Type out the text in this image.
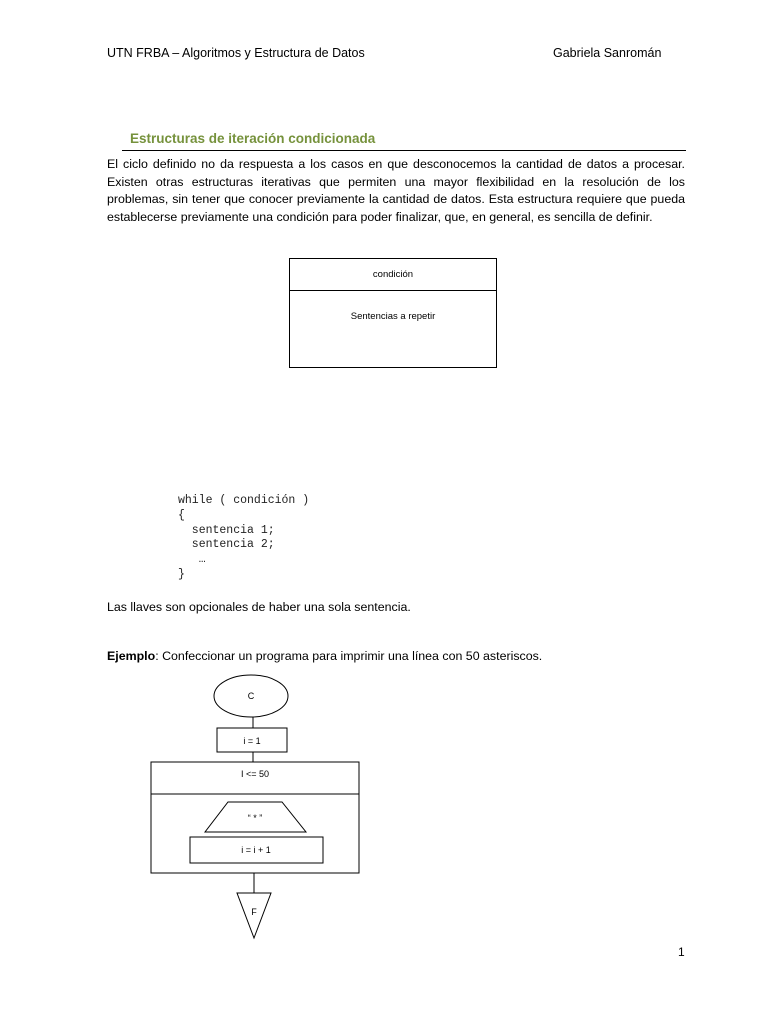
UTN FRBA – Algoritmos y Estructura de Datos	Gabriela Sanromán
Estructuras de iteración condicionada
El ciclo definido no da respuesta a los casos en que desconocemos la cantidad de datos a procesar. Existen otras estructuras iterativas que permiten una mayor flexibilidad en la resolución de los problemas, sin tener que conocer previamente la cantidad de datos. Esta estructura requiere que pueda establecerse previamente una condición para poder finalizar, que, en general, es sencilla de definir.
condición
Sentencias a repetir
while ( condición )
{
sentencia 1;
sentencia 2;
…
}
Las llaves son opcionales de haber una sola sentencia.
Ejemplo: Confeccionar un programa para imprimir una línea con 50 asteriscos.
C
i = 1
I <= 50
“ * ”
i = i + 1
F
1
